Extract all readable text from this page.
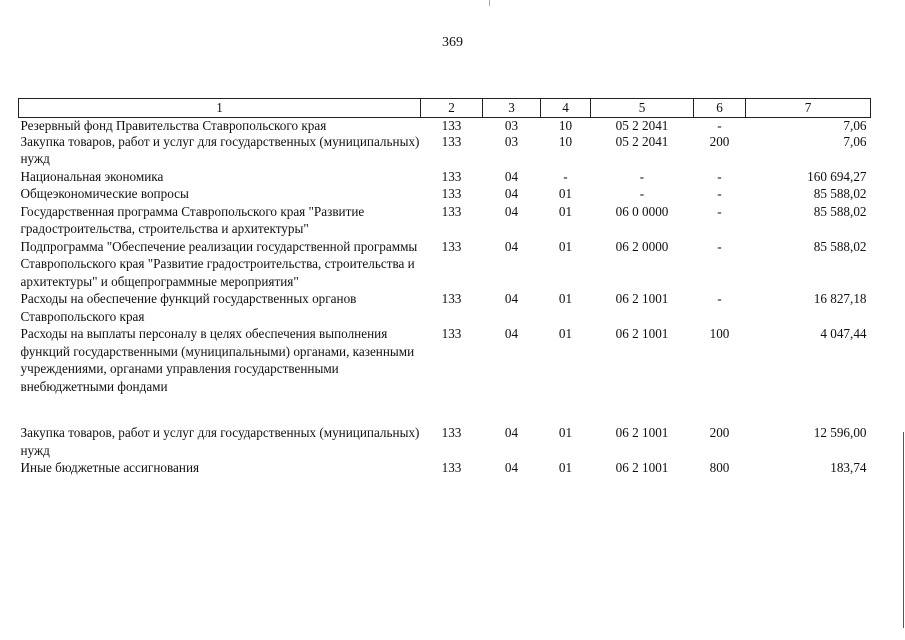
369
1	2	3	4	5	6	7
Резервный фонд Правительства Ставропольского края	133	03	10	05 2 2041	-	7,06
Закупка товаров, работ и услуг для государственных (муниципальных) нужд	133	03	10	05 2 2041	200	7,06
Национальная экономика	133	04	-	-	-	160 694,27
Общеэкономические вопросы	133	04	01	-	-	85 588,02
Государственная программа Ставропольского края "Развитие градостроительства, строительства и архитектуры"	133	04	01	06 0 0000	-	85 588,02
Подпрограмма "Обеспечение реализации государственной программы Ставропольского края "Развитие градостроительства, строительства и архитектуры" и общепрограммные мероприятия"	133	04	01	06 2 0000	-	85 588,02
Расходы на обеспечение функций государственных органов Ставропольского края	133	04	01	06 2 1001	-	16 827,18
Расходы на выплаты персоналу в целях обеспечения выполнения функций государственными (муниципальными) органами, казенными учреждениями, органами управления государственными внебюджетными фондами	133	04	01	06 2 1001	100	4 047,44

Закупка товаров, работ и услуг для государственных (муниципальных) нужд	133	04	01	06 2 1001	200	12 596,00
Иные бюджетные ассигнования	133	04	01	06 2 1001	800	183,74
